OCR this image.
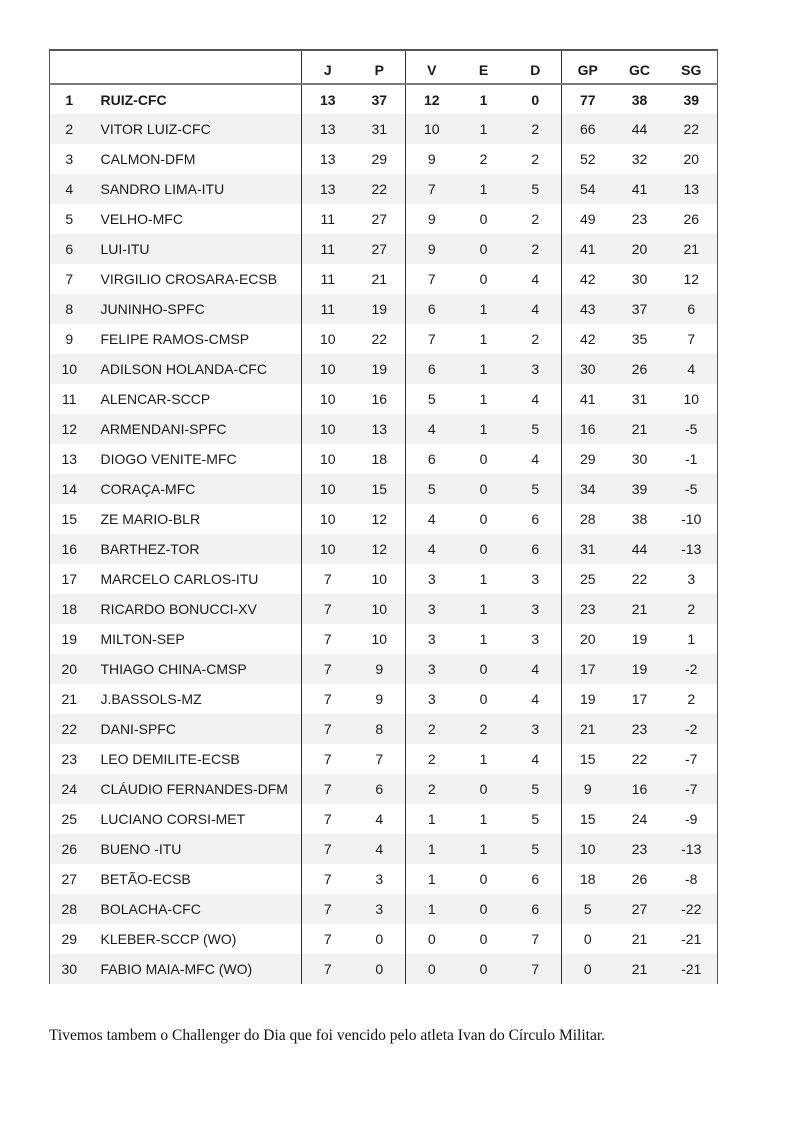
		J	P	V	E	D	GP	GC	SG
1	RUIZ-CFC	13	37	12	1	0	77	38	39
2	VITOR LUIZ-CFC	13	31	10	1	2	66	44	22
3	CALMON-DFM	13	29	9	2	2	52	32	20
4	SANDRO LIMA-ITU	13	22	7	1	5	54	41	13
5	VELHO-MFC	11	27	9	0	2	49	23	26
6	LUI-ITU	11	27	9	0	2	41	20	21
7	VIRGILIO CROSARA-ECSB	11	21	7	0	4	42	30	12
8	JUNINHO-SPFC	11	19	6	1	4	43	37	6
9	FELIPE RAMOS-CMSP	10	22	7	1	2	42	35	7
10	ADILSON HOLANDA-CFC	10	19	6	1	3	30	26	4
11	ALENCAR-SCCP	10	16	5	1	4	41	31	10
12	ARMENDANI-SPFC	10	13	4	1	5	16	21	-5
13	DIOGO VENITE-MFC	10	18	6	0	4	29	30	-1
14	CORAÇA-MFC	10	15	5	0	5	34	39	-5
15	ZE MARIO-BLR	10	12	4	0	6	28	38	-10
16	BARTHEZ-TOR	10	12	4	0	6	31	44	-13
17	MARCELO CARLOS-ITU	7	10	3	1	3	25	22	3
18	RICARDO BONUCCI-XV	7	10	3	1	3	23	21	2
19	MILTON-SEP	7	10	3	1	3	20	19	1
20	THIAGO CHINA-CMSP	7	9	3	0	4	17	19	-2
21	J.BASSOLS-MZ	7	9	3	0	4	19	17	2
22	DANI-SPFC	7	8	2	2	3	21	23	-2
23	LEO DEMILITE-ECSB	7	7	2	1	4	15	22	-7
24	CLÁUDIO FERNANDES-DFM	7	6	2	0	5	9	16	-7
25	LUCIANO CORSI-MET	7	4	1	1	5	15	24	-9
26	BUENO -ITU	7	4	1	1	5	10	23	-13
27	BETÃO-ECSB	7	3	1	0	6	18	26	-8
28	BOLACHA-CFC	7	3	1	0	6	5	27	-22
29	KLEBER-SCCP (WO)	7	0	0	0	7	0	21	-21
30	FABIO MAIA-MFC (WO)	7	0	0	0	7	0	21	-21

Tivemos tambem o Challenger do Dia que foi vencido pelo atleta Ivan do Círculo Militar.
